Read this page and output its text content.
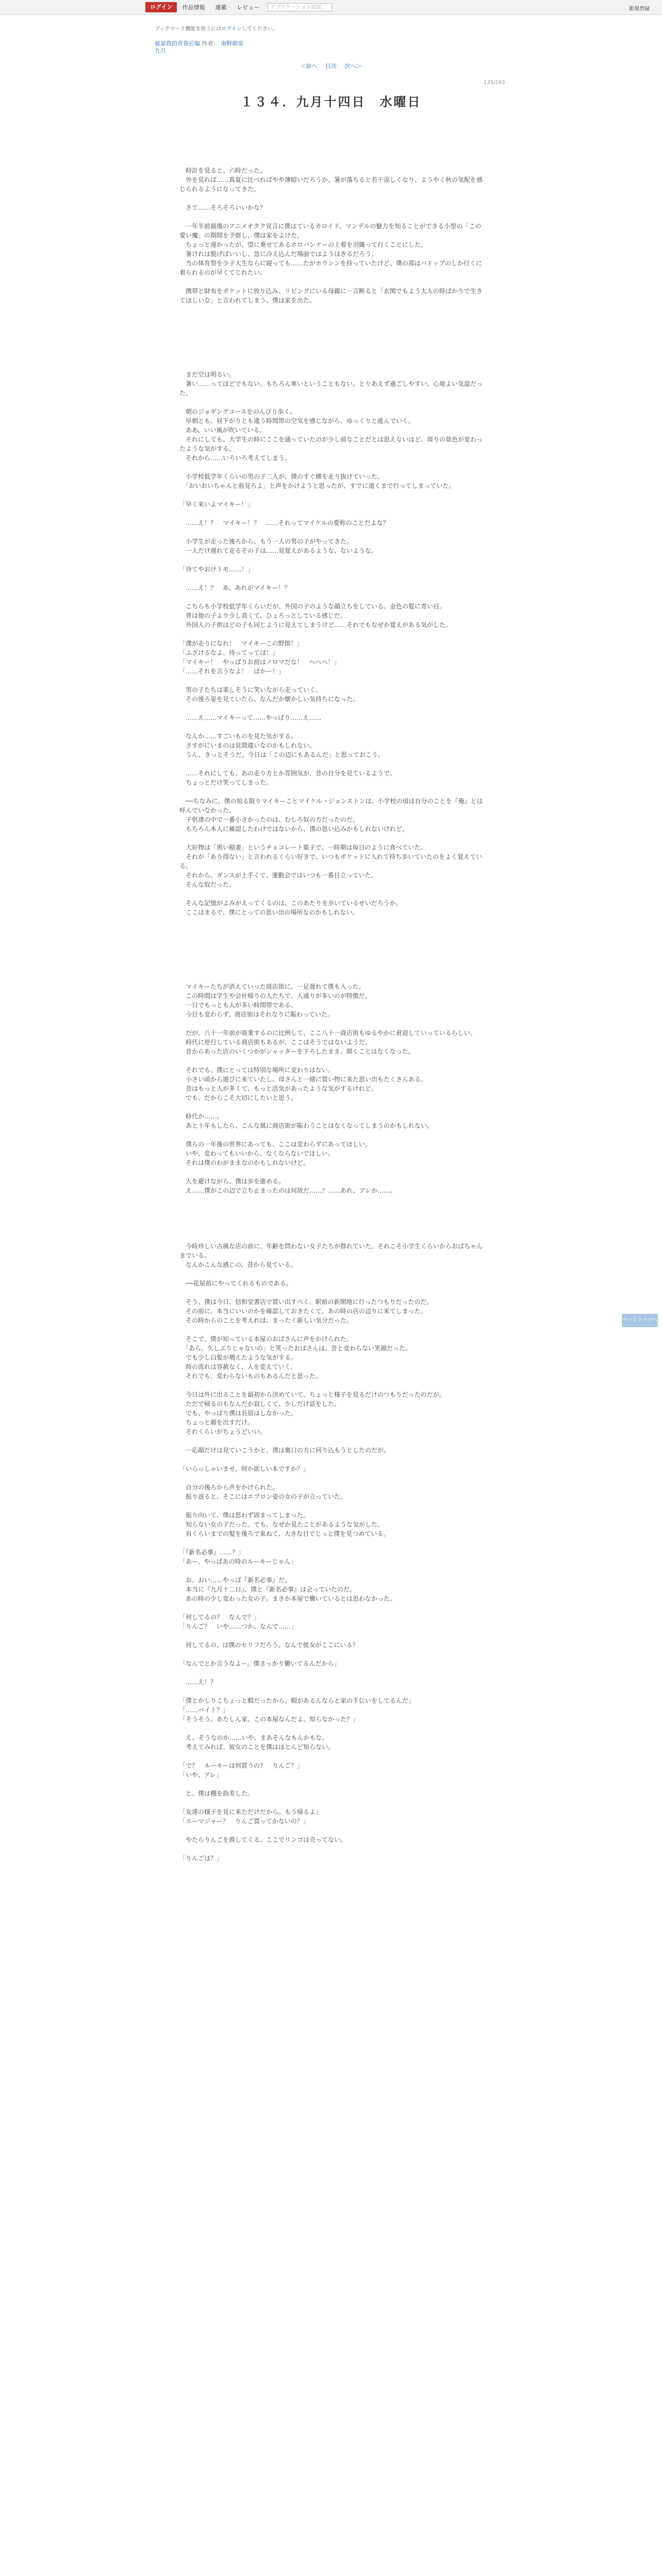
ログイン	作品情報	連載	レビュー	アプリケーション追加	新規登録
ブックマーク機能を使うにはログインしてください。
彼是我的青春后编 作者： 南野朝泉
九月
＜前へ 目次 次へ＞
135/263
１３４．九月十四日　水曜日

　時計を見ると、六時だった。

　外を見れば……真夏に比べればやや薄暗いだろうか。暑が落ちると若干涼しくなり、ようやく秋の気配を感じられるようになってきた。

　さて……そろそろいいかな？

　一年半前最後のアニメオタク宣言に僕はているカロイド、マンデルの魅力を知ることができる小型の「この愛い魔」の期間を予察し、僕は家をよけた。

　ちょっと遅かったが、望に乗せてあるホロバンナーの上着を羽織って行くことにした。

　暑けれは脱げばいいし、急に冷え込んだ場面ではようはきるだろう。

　当の体育祭を少子大生ならに寝っても……たがホウシンを持っていたけど、僕の部はバドップのしか行くに着られるのが早くてじれたい。

　携帯と財布をポケットに放り込み、リビングにいる母親に一言断ると「玄関でもよう大人の時ばかりで生きてほしいな」と言われてしまう、僕は家を出た。

　まだ空は明るい。

　暑い……ってほどでもない。もちろん寒いということもない。とりあえず過ごしやすい、心地よい気温だった。

　朝のジョギングコースをのんびり歩く。

　早朝とも、昼下がりとも違う時間帯の空気を感じながら、ゆっくりと進んでいく。

　ああ、いい風が吹いている。

　それにしても、大学生の時にここを通っていたのが少し前なことだとは思えないほど、周りの景色が変わったような気がする。

　それから……いろいろ考えてしまう。

　小学校低学年くらいの男の子二人が、僕のすぐ横を走り抜けていった。

　「おいおいちゃんと前見ろよ」と声をかけようと思ったが、すでに遠くまで行ってしまっていた。

「早く来いよマイキー！」

　……え！？　マイキー！？　……それってマイケルの愛称のことだよな？

　小学生が走った後ろから、もう一人の男の子がやってきた。

　一人だけ遅れて走るその子は……見覚えがあるような、ないような。

「待てやおけトモ……！」

　……え！？　あ、あれがマイキー！？

　こちらも小学校低学年くらいだが、外国の子のような顔立ちをしている。金色の髪に青い目。

　背は他の子より少し高くて、ひょろっとしている感じだ。

　外国人の子供はどの子も同じように見えてしまうけど……それでもなぜか覚えがある気がした。

「僕が走りになれ！　マイキーこの野郎！」

「ふざけるなよ、待ってってば！」

「マイキー！　やっぱりお前はノロマだな！　へへへ！」

「……それを言うなよ！　ばかー！」

　男の子たちは楽しそうに笑いながら走っていく。

　その後ろ姿を見ていたら、なんだか懐かしい気持ちになった。

　……え……マイキーって……やっぱり……え……

　なんか……すごいものを見た気がする。

　さすがにいまのは見間違いなのかもしれない。

　うん、きっとそうだ。今日は「この辺にもあるんだ」と思っておこう。

　……それにしても、あの走り方とか雰囲気が、昔の自分を見ているようで。

　ちょっとだけ笑ってしまった。

　──ちなみに、僕の知る限りマイキーことマイケル・ジョンストンは、小学校の頃は自分のことを『俺』とは呼んでいなかった。

　子供達の中で一番小さかったのは、むしろ奴の方だったのだ。

　もちろん本人に確認したわけではないから、僕の思い込みかもしれないけれど。

　大好物は「黒い稲妻」というチョコレート菓子で、一時期は毎日のように食べていた。

　それが「あり得ない」と言われるくらい好きで、いつもポケットに入れて持ち歩いていたのをよく覚えている。

　それから、ダンスが上手くて、運動会ではいつも一番目立っていた。

　そんな奴だった。

　そんな記憶がよみがえってくるのは、このあたりを歩いているせいだろうか。

　ここはまるで、僕にとっての思い出の場所なのかもしれない。

　マイキーたちが消えていった商店街に、一足遅れて僕も入った。

　この時間は学生や会社帰りの人たちで、人通りが多いのが特徴だ。

　一日でもっとも人が多い時間帯である。

　今日も変わらず、商店街はそれなりに賑わっていた。

　だが、八十一年前が商業するのに比例して、ここ八十一商店街もゆるやかに衰退していっているらしい。

　時代に逆行している商店街もあるが、ここはそうではないようだ。

　昔からあった店のいくつかがシャッターを下ろしたまま、開くことはなくなった。

　それでも、僕にとっては特別な場所に変わりはない。

　小さい頃から遊びに来ていたし、母さんと一緒に買い物に来た思い出もたくさんある。

　昔はもっと人が多くて、もっと活気があったような気がするけれど。

　でも、だからこそ大切にしたいと思う。

　時代か……。

　あと十年もしたら、こんな風に商店街が賑わうことはなくなってしまうのかもしれない。

　僕らの一年後の世界にあっても、ここは変わらずにあってほしい。

　いや、変わってもいいから、なくならないでほしい。

　それは僕のわがままなのかもしれないけど。

　人を避けながら、僕は歩を進める。

　え……僕がこの辺で立ち止まったのは何故だ……？……あれ、アレか……。

　今時珍しい古風な店の前に、年齢を問わない女子たちが群れていた。それこそ小学生くらいからおばちゃんまでいる。

　なんかこんな感じの、昔から見ている。

　──花屋前にやってくれるものである。

　そう、僕は今日、信和堂書店で買い出すべく、駅前の新開地に行ったつもりだったのだ。

　その前に、本当にいいのかを確認しておきたくて、あの時の店の辺りに来てしまった。

　その時からのことを考えれば、まったく新しい気分だった。

　そこで、僕が知っている本屋のおばさんに声をかけられた。

　「あら、久しぶりじゃないの」と笑ったおばさんは、昔と変わらない笑顔だった。

　でも少し白髪が増えたような気がする。

　時の流れは容赦なく、人を変えていく。

　それでも、変わらないものもあるんだと思った。

　今日は外に出ることを最初から決めていて、ちょっと様子を見るだけのつもりだったのだが。

　ただで帰るのもなんだか寂しくて、少しだけ話をした。

　でも、やっぱり僕は長居はしなかった。

　ちょっと顔を出すだけ。

　それくらいがちょうどいい。

　一応顔だけは見ていこうかと、僕は裏口の方に回り込もうとしたのだが。

「いらっしゃいませ。何か欲しい本ですか？」

　自分の後ろから声をかけられた。

　振り返ると、そこにはエプロン姿の女の子が立っていた。

　振り向いて、僕は思わず固まってしまった。

　知らない女の子だった。でも、なぜか見たことがあるような気がした。

　肩くらいまでの髪を後ろで束ねて、大きな目でじっと僕を見つめている。

「『新名必事』……？」

「あー、やっぱあの時のルーキーじゃん」

　お、おい……やっぱ『新名必事』だ。

　本当に『九月十二日』、僕と『新名必事』は会っていたのだ。

　あの時の少し変わった女の子。まさか本屋で働いているとは思わなかった。

「何してるの？　なんで？」

「りんご？　いや……つか、なんで……」

　何してるの、は僕のセリフだろう。なんで彼女がここにいる？

「なんでとか言うなよー。僕きっかり働いてるんだから」

　……え！？

「僕とかしりこちょっと暇だったから、暇があるんならと家の手伝いをしてるんだ」

「……バイト？」

「そうそう。あたしん家、この本屋なんだよ。知らなかった？」

　え、そうなのか……いや、まあそんなもんかもな。

　考えてみれば、彼女のことを僕はほとんど知らない。

「で？　ルーキーは何買うの？　りんご？」

「いや、アレ」

　と、僕は棚を指差した。

「友達の様子を見に来ただけだから。もう帰るよ」

「エーマジャー？　りんご買ってかないの？」

　やたらりんごを推してくる。ここでリンゴは売ってない。

「りんごは？」

ページトップへ
